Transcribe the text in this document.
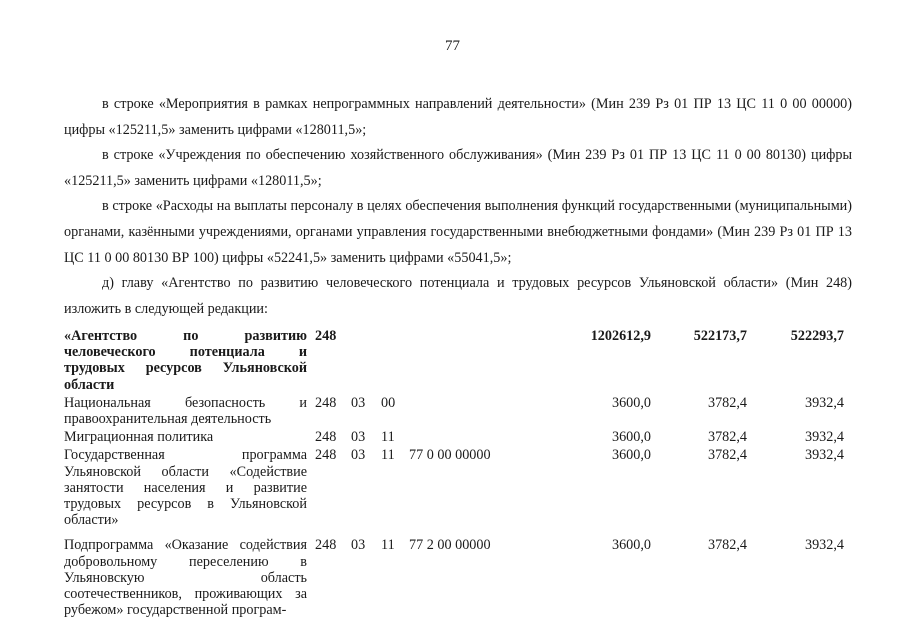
77

в строке «Мероприятия в рамках непрограммных направлений деятельности» (Мин 239 Рз 01 ПР 13 ЦС 11 0 00 00000) цифры «125211,5» заменить цифрами «128011,5»;

в строке «Учреждения по обеспечению хозяйственного обслуживания» (Мин 239 Рз 01 ПР 13 ЦС 11 0 00 80130) цифры «125211,5» заменить цифрами «128011,5»;

в строке «Расходы на выплаты персоналу в целях обеспечения выполнения функций государственными (муниципальными) органами, казёнными учреждениями, органами управления государственными внебюджетными фондами» (Мин 239 Рз 01 ПР 13 ЦС 11 0 00 80130 ВР 100) цифры «52241,5» заменить цифрами «55041,5»;

д) главу «Агентство по развитию человеческого потенциала и трудовых ресурсов Ульяновской области» (Мин 248) изложить в следующей редакции:

«Агентство по развитию человеческого потенциала и трудовых ресурсов Ульяновской области	248					1202612,9	522173,7	522293,7
Национальная безопасность и правоохранительная деятельность	248	03	00			3600,0	3782,4	3932,4
Миграционная политика	248	03	11			3600,0	3782,4	3932,4
Государственная программа Ульяновской области «Содействие занятости населения и развитие трудовых ресурсов в Ульяновской области»	248	03	11	77 0 00 00000		3600,0	3782,4	3932,4
Подпрограмма «Оказание содействия добровольному переселению в Ульяновскую область соотечественников, проживающих за рубежом» государственной програм-	248	03	11	77 2 00 00000		3600,0	3782,4	3932,4
